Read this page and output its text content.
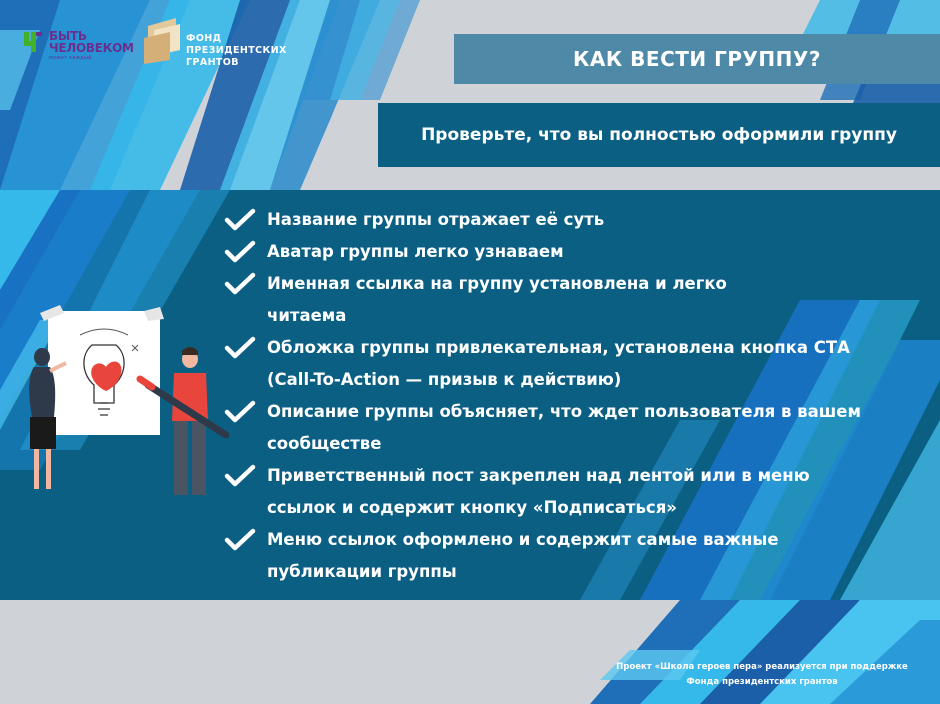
БЫТЬ
ЧЕЛОВЕКОМ
может каждый
ФОНД
ПРЕЗИДЕНТСКИХ
ГРАНТОВ	КАК ВЕСТИ ГРУППУ?
Проверьте, что вы полностью оформили группу
Название группы отражает её суть
Аватар группы легко узнаваем
Именная ссылка на группу установлена и легко
читаема
Обложка группы привлекательная, установлена кнопка СТА
(Call-To-Action — призыв к действию)
Описание группы объясняет, что ждет пользователя в вашем
сообществе
Приветственный пост закреплен над лентой или в меню
ссылок и содержит кнопку «Подписаться»
Меню ссылок оформлено и содержит самые важные
публикации группы
Проект «Школа героев пера» реализуется при поддержке
Фонда президентских грантов
